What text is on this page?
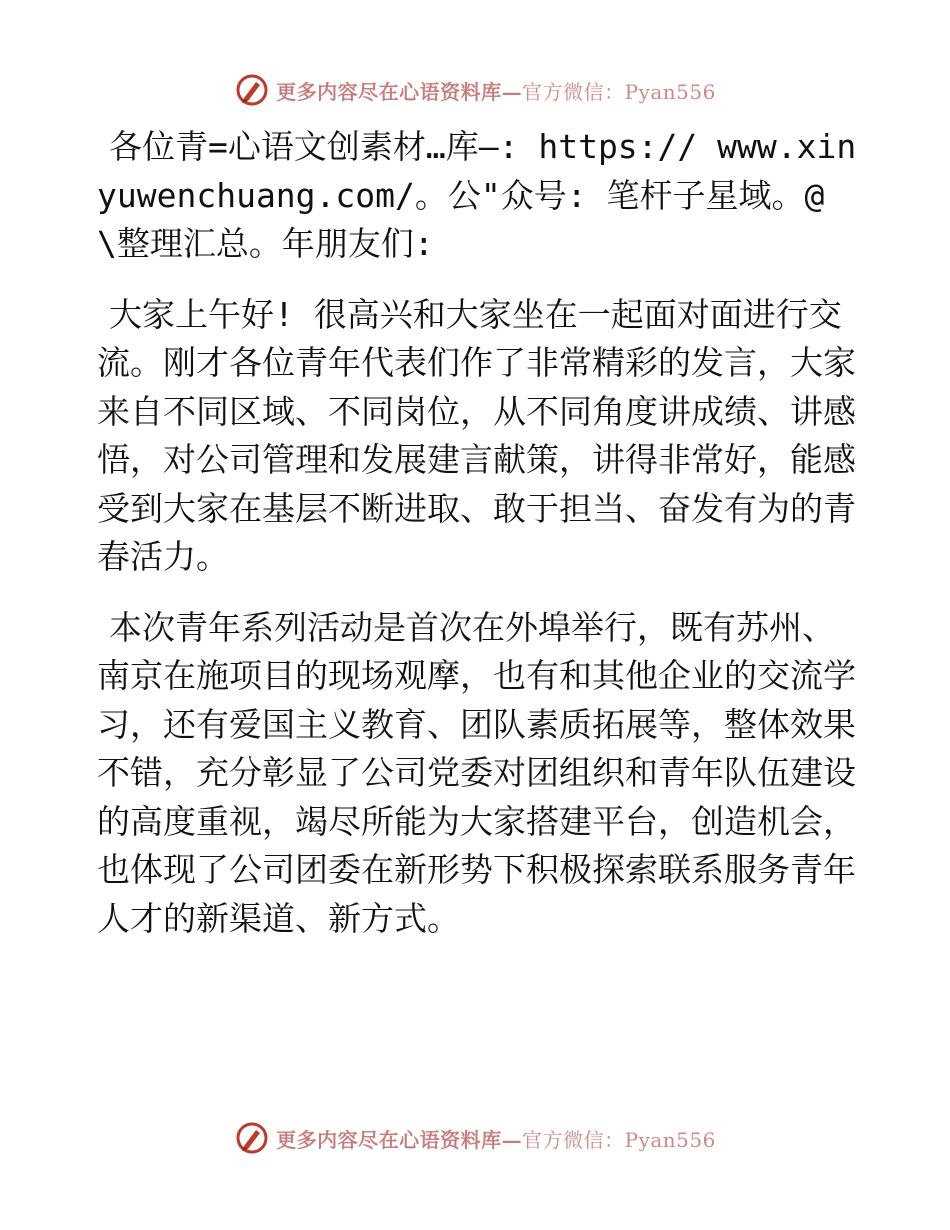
更多内容尽在心语资料库—官方微信：Pyan556

各位青=心语文创素材…库—: https:// www.xinyuwenchuang.com/。公"众号: 笔杆子星域。@\整理汇总。年朋友们:

大家上午好! 很高兴和大家坐在一起面对面进行交流。刚才各位青年代表们作了非常精彩的发言，大家来自不同区域、不同岗位，从不同角度讲成绩、讲感悟，对公司管理和发展建言献策，讲得非常好，能感受到大家在基层不断进取、敢于担当、奋发有为的青春活力。

本次青年系列活动是首次在外埠举行，既有苏州、南京在施项目的现场观摩，也有和其他企业的交流学习，还有爱国主义教育、团队素质拓展等，整体效果不错，充分彰显了公司党委对团组织和青年队伍建设的高度重视，竭尽所能为大家搭建平台，创造机会，也体现了公司团委在新形势下积极探索联系服务青年人才的新渠道、新方式。

更多内容尽在心语资料库—官方微信：Pyan556
